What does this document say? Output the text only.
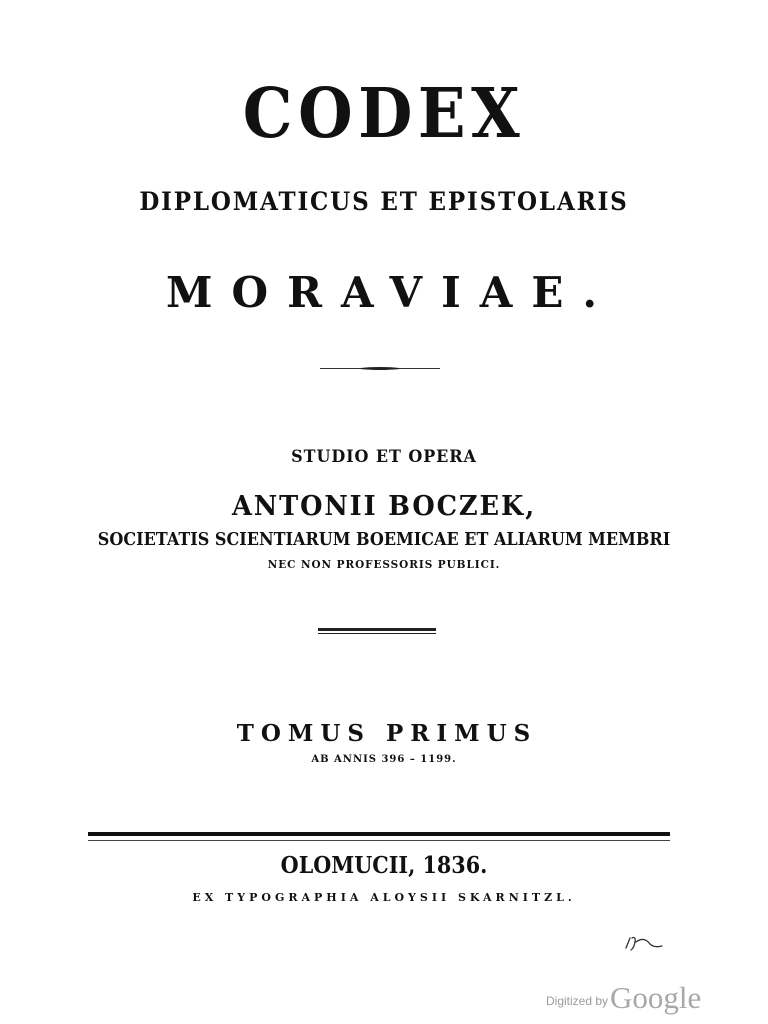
CODEX
DIPLOMATICUS ET EPISTOLARIS
MORAVIAE.
STUDIO ET OPERA
ANTONII BOCZEK,
SOCIETATIS SCIENTIARUM BOEMICAE ET ALIARUM MEMBRI
NEC NON PROFESSORIS PUBLICI.
TOMUS PRIMUS
AB ANNIS 396 – 1199.
OLOMUCII, 1836.
EX TYPOGRAPHIA ALOYSII SKARNITZL.
Digitized by Google
